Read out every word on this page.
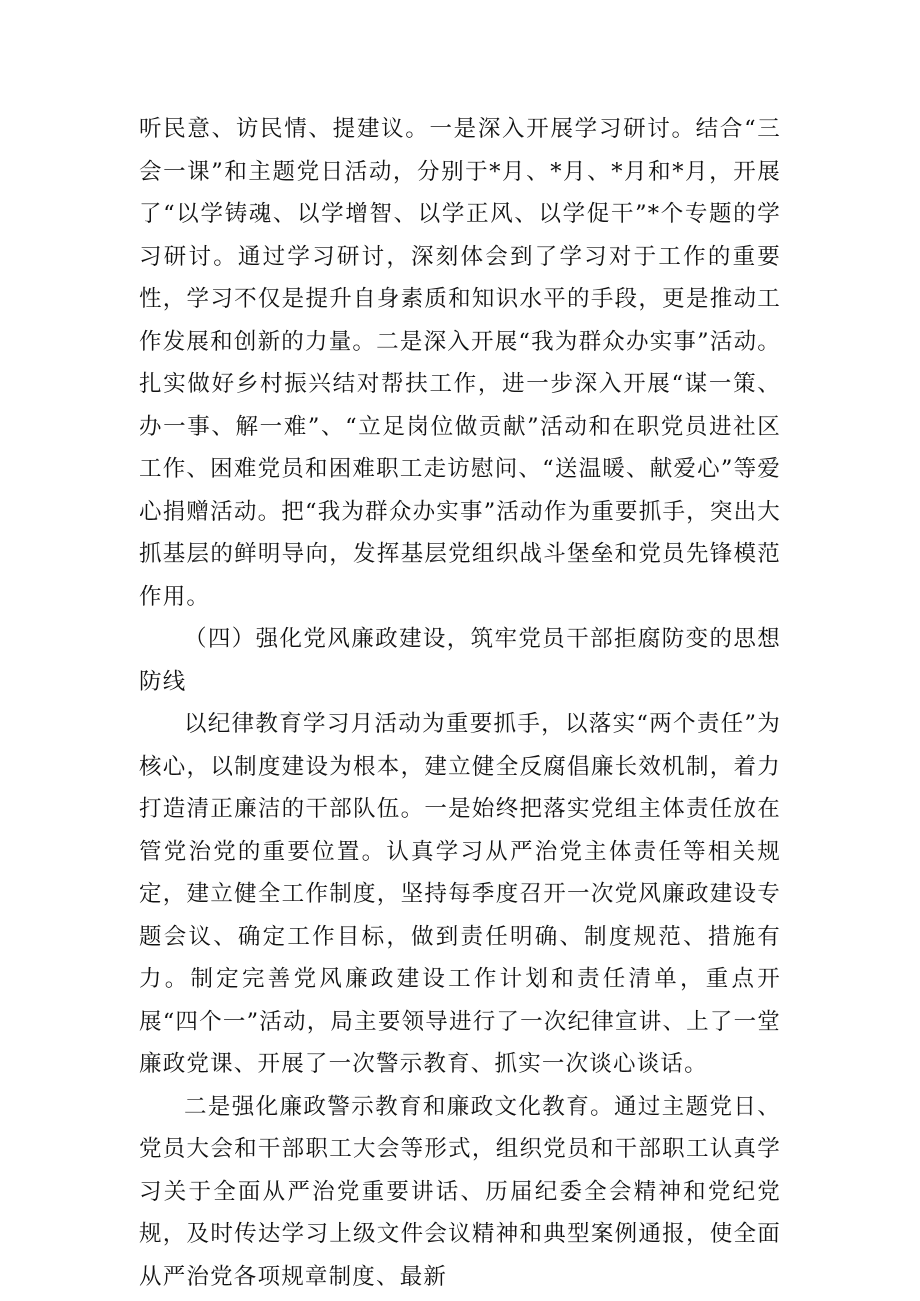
听民意、访民情、提建议。一是深入开展学习研讨。结合“三会一课”和主题党日活动，分别于*月、*月、*月和*月，开展了“以学铸魂、以学增智、以学正风、以学促干”*个专题的学习研讨。通过学习研讨，深刻体会到了学习对于工作的重要性，学习不仅是提升自身素质和知识水平的手段，更是推动工作发展和创新的力量。二是深入开展“我为群众办实事”活动。扎实做好乡村振兴结对帮扶工作，进一步深入开展“谋一策、办一事、解一难”、“立足岗位做贡献”活动和在职党员进社区工作、困难党员和困难职工走访慰问、“送温暖、献爱心”等爱心捐赠活动。把“我为群众办实事”活动作为重要抓手，突出大抓基层的鲜明导向，发挥基层党组织战斗堡垒和党员先锋模范作用。

（四）强化党风廉政建设，筑牢党员干部拒腐防变的思想防线

以纪律教育学习月活动为重要抓手，以落实“两个责任”为核心，以制度建设为根本，建立健全反腐倡廉长效机制，着力打造清正廉洁的干部队伍。一是始终把落实党组主体责任放在管党治党的重要位置。认真学习从严治党主体责任等相关规定，建立健全工作制度，坚持每季度召开一次党风廉政建设专题会议、确定工作目标，做到责任明确、制度规范、措施有力。制定完善党风廉政建设工作计划和责任清单，重点开展“四个一”活动，局主要领导进行了一次纪律宣讲、上了一堂廉政党课、开展了一次警示教育、抓实一次谈心谈话。

二是强化廉政警示教育和廉政文化教育。通过主题党日、党员大会和干部职工大会等形式，组织党员和干部职工认真学习关于全面从严治党重要讲话、历届纪委全会精神和党纪党规，及时传达学习上级文件会议精神和典型案例通报，使全面从严治党各项规章制度、最新
